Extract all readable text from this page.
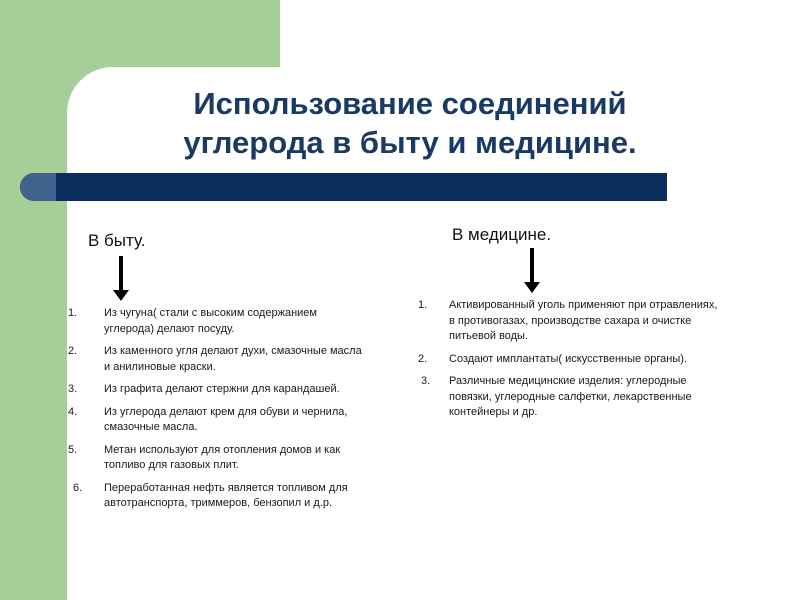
Использование соединений углерода в быту и медицине.
В быту.
1. Из чугуна( стали с высоким содержанием углерода) делают посуду.
2. Из каменного угля делают духи, смазочные масла и анилиновые краски.
3. Из графита делают стержни для карандашей.
4. Из углерода делают крем для обуви и чернила, смазочные масла.
5. Метан используют для отопления домов и как топливо для газовых плит.
6. Переработанная нефть является топливом для автотранспорта, триммеров, бензопил и д.р.
В медицине.
1. Активированный уголь применяют при отравлениях, в противогазах, производстве сахара и очистке питьевой воды.
2. Создают имплантаты( искусственные органы).
3. Различные медицинские изделия: углеродные повязки, углеродные салфетки, лекарственные контейнеры и др.
